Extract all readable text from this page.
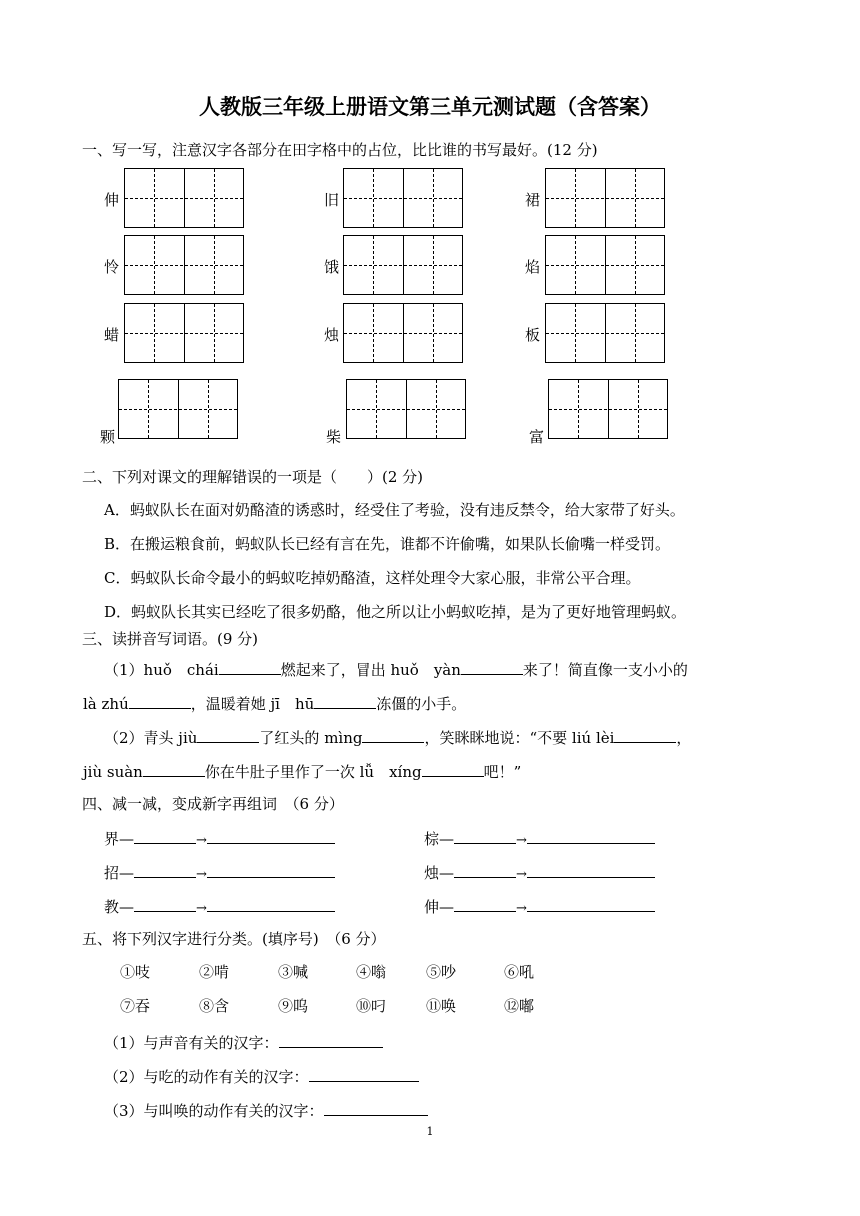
人教版三年级上册语文第三单元测试题（含答案）
一、写一写，注意汉字各部分在田字格中的占位，比比谁的书写最好。(12 分)
伸	旧	裙
怜	饿	焰
蜡	烛	板
颗	柴	富
二、下列对课文的理解错误的一项是（　　）(2 分)
A．蚂蚁队长在面对奶酪渣的诱惑时，经受住了考验，没有违反禁令，给大家带了好头。
B．在搬运粮食前，蚂蚁队长已经有言在先，谁都不许偷嘴，如果队长偷嘴一样受罚。
C．蚂蚁队长命令最小的蚂蚁吃掉奶酪渣，这样处理令大家心服，非常公平合理。
D．蚂蚁队长其实已经吃了很多奶酪，他之所以让小蚂蚁吃掉，是为了更好地管理蚂蚁。
三、读拼音写词语。(9 分)
（1）huǒ　chái	燃起来了，冒出 huǒ　yàn	来了！简直像一支小小的
là zhú	，温暖着她 jī　hū	冻僵的小手。
（2）青头 jiù	了红头的 mìng	，笑眯眯地说：“不要 liú lèi	，
jiù suàn	你在牛肚子里作了一次 lǚ　xíng	吧！”
四、减一减，变成新字再组词　（6 分）
界—	→	棕—	→
招—	→	烛—	→
教—	→	伸—	→
五、将下列汉字进行分类。(填序号)　（6 分）
①吱	②啃	③喊	④嗡	⑤吵	⑥吼
⑦吞	⑧含	⑨呜	⑩叼	⑪唤	⑫嘟
（1）与声音有关的汉字：
（2）与吃的动作有关的汉字：
（3）与叫唤的动作有关的汉字：
1
